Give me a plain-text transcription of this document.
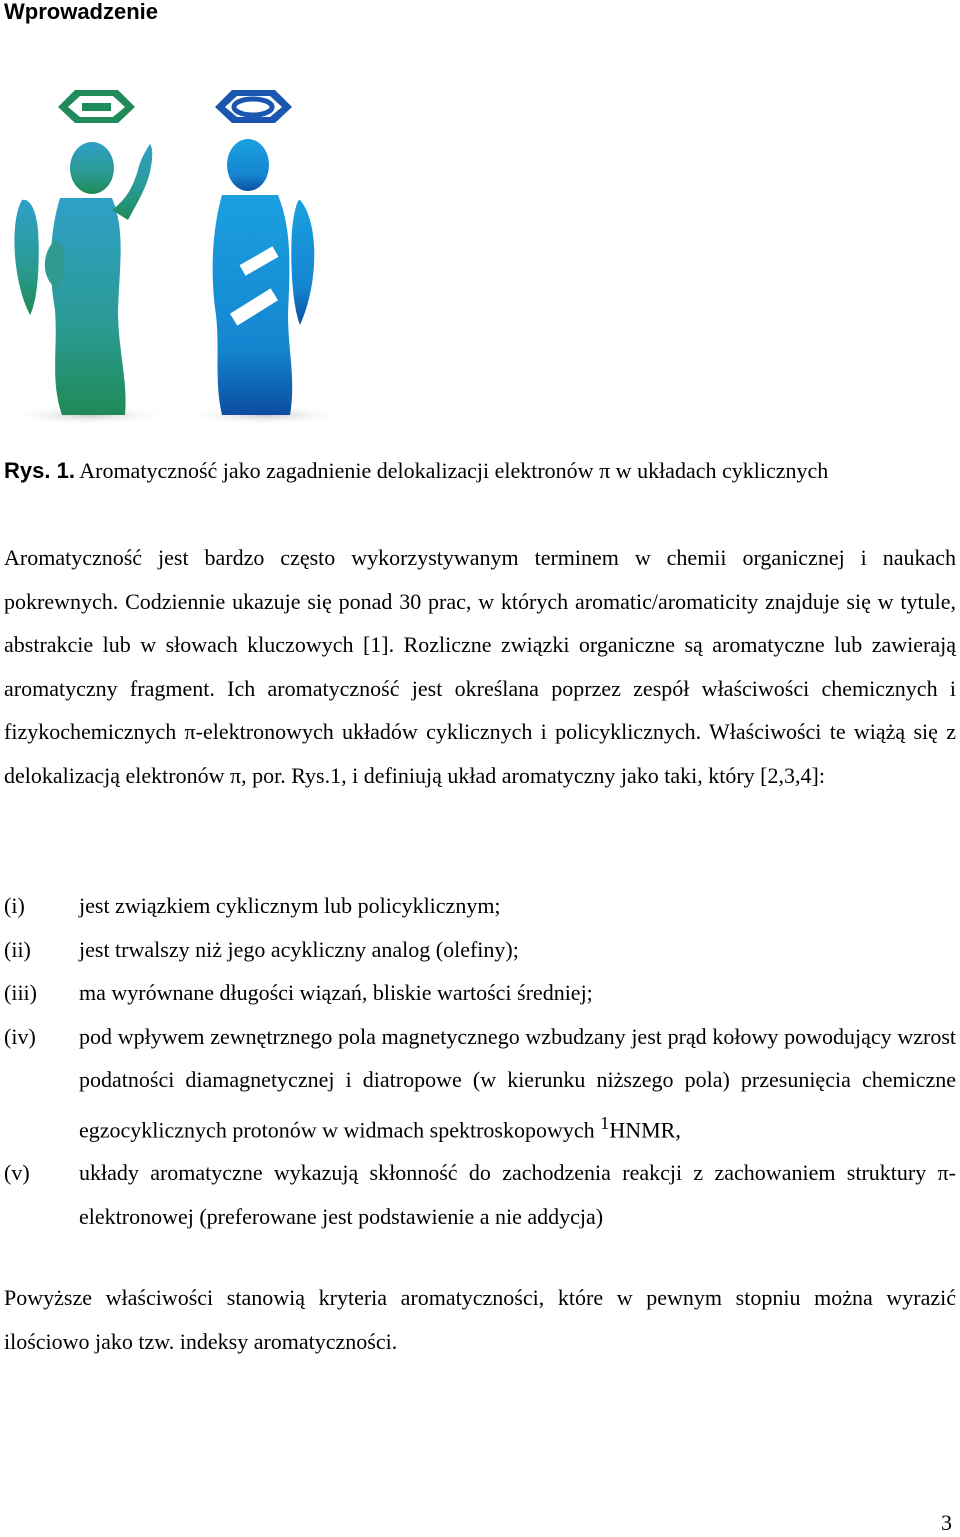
Wprowadzenie
Rys. 1. Aromatyczność jako zagadnienie delokalizacji elektronów π w układach cyklicznych

Aromatyczność jest bardzo często wykorzystywanym terminem w chemii organicznej i naukach pokrewnych. Codziennie ukazuje się ponad 30 prac, w których aromatic/aromaticity znajduje się w tytule, abstrakcie lub w słowach kluczowych [1]. Rozliczne związki organiczne są aromatyczne lub zawierają aromatyczny fragment. Ich aromatyczność jest określana poprzez zespół właściwości chemicznych i fizykochemicznych π-elektronowych układów cyklicznych i policyklicznych. Właściwości te wiążą się z delokalizacją elektronów π, por. Rys.1, i definiują układ aromatyczny jako taki, który [2,3,4]:

(i)	jest związkiem cyklicznym lub policyklicznym;
(ii)	jest trwalszy niż jego acykliczny analog (olefiny);
(iii)	ma wyrównane długości wiązań, bliskie wartości średniej;
(iv)	pod wpływem zewnętrznego pola magnetycznego wzbudzany jest prąd kołowy powodujący wzrost podatności diamagnetycznej i diatropowe (w kierunku niższego pola) przesunięcia chemiczne egzocyklicznych protonów w widmach spektroskopowych $^1$HNMR,
(v)	układy aromatyczne wykazują skłonność do zachodzenia reakcji z zachowaniem struktury π-elektronowej (preferowane jest podstawienie a nie addycja)

Powyższe właściwości stanowią kryteria aromatyczności, które w pewnym stopniu można wyrazić ilościowo jako tzw. indeksy aromatyczności.

3
